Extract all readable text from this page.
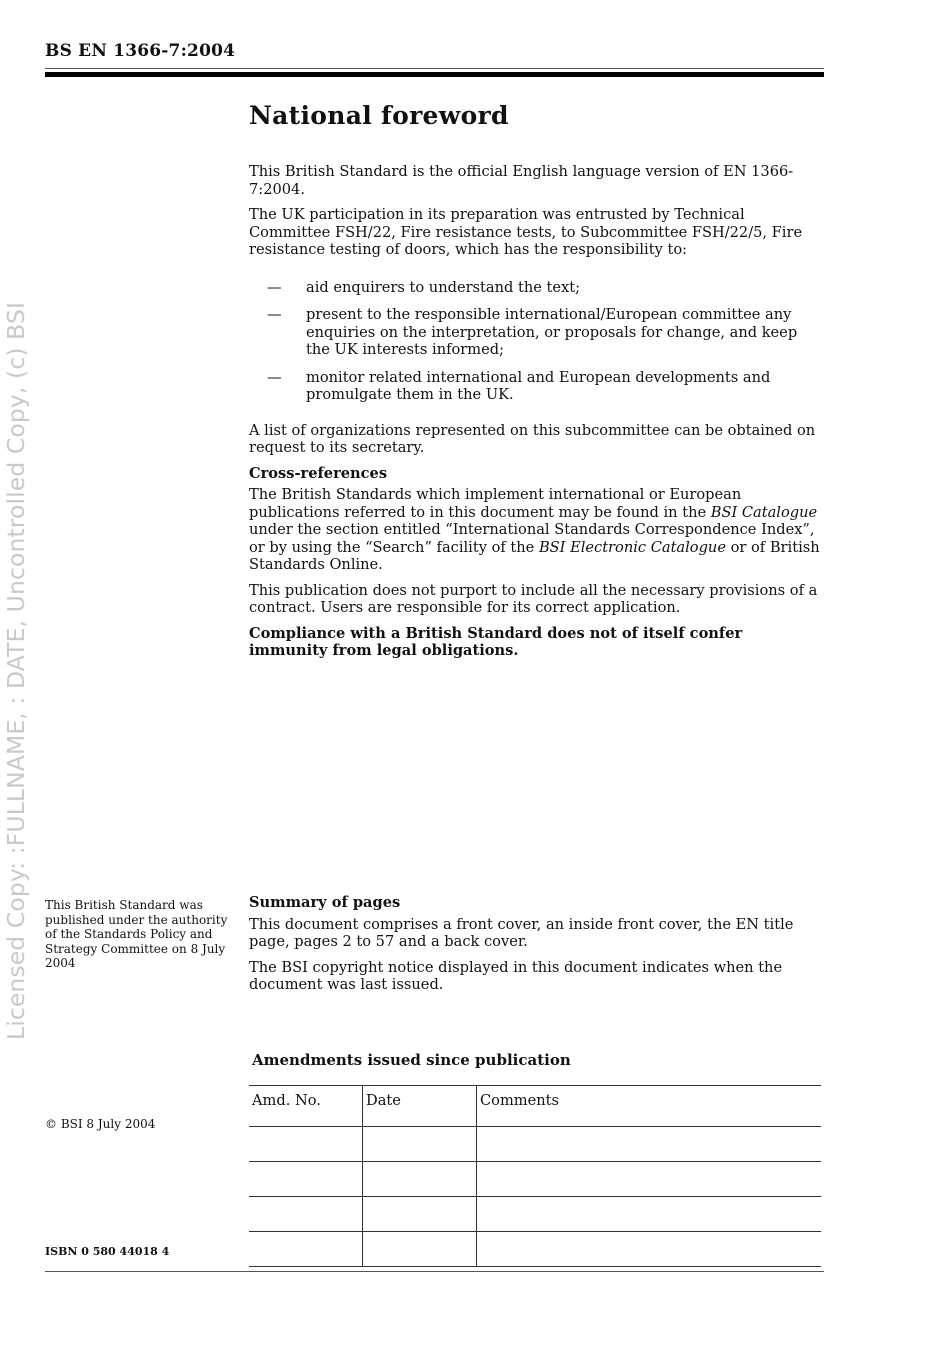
BS EN 1366-7:2004
Licensed Copy: :FULLNAME, : DATE, Uncontrolled Copy, (c) BSI
National foreword

This British Standard is the official English language version of EN 1366-7:2004.

The UK participation in its preparation was entrusted by Technical Committee FSH/22, Fire resistance tests, to Subcommittee FSH/22/5, Fire resistance testing of doors, which has the responsibility to:

—	aid enquirers to understand the text;
—	present to the responsible international/European committee any enquiries on the interpretation, or proposals for change, and keep the UK interests informed;
—	monitor related international and European developments and promulgate them in the UK.

A list of organizations represented on this subcommittee can be obtained on request to its secretary.

Cross-references

The British Standards which implement international or European publications referred to in this document may be found in the BSI Catalogue under the section entitled “International Standards Correspondence Index”, or by using the “Search” facility of the BSI Electronic Catalogue or of British Standards Online.

This publication does not purport to include all the necessary provisions of a contract. Users are responsible for its correct application.

Compliance with a British Standard does not of itself confer immunity from legal obligations.

This British Standard was published under the authority of the Standards Policy and Strategy Committee on 8 July 2004
Summary of pages

This document comprises a front cover, an inside front cover, the EN title page, pages 2 to 57 and a back cover.

The BSI copyright notice displayed in this document indicates when the document was last issued.

Amendments issued since publication
Amd. No.	Date	Comments

© BSI 8 July 2004
ISBN 0 580 44018 4
